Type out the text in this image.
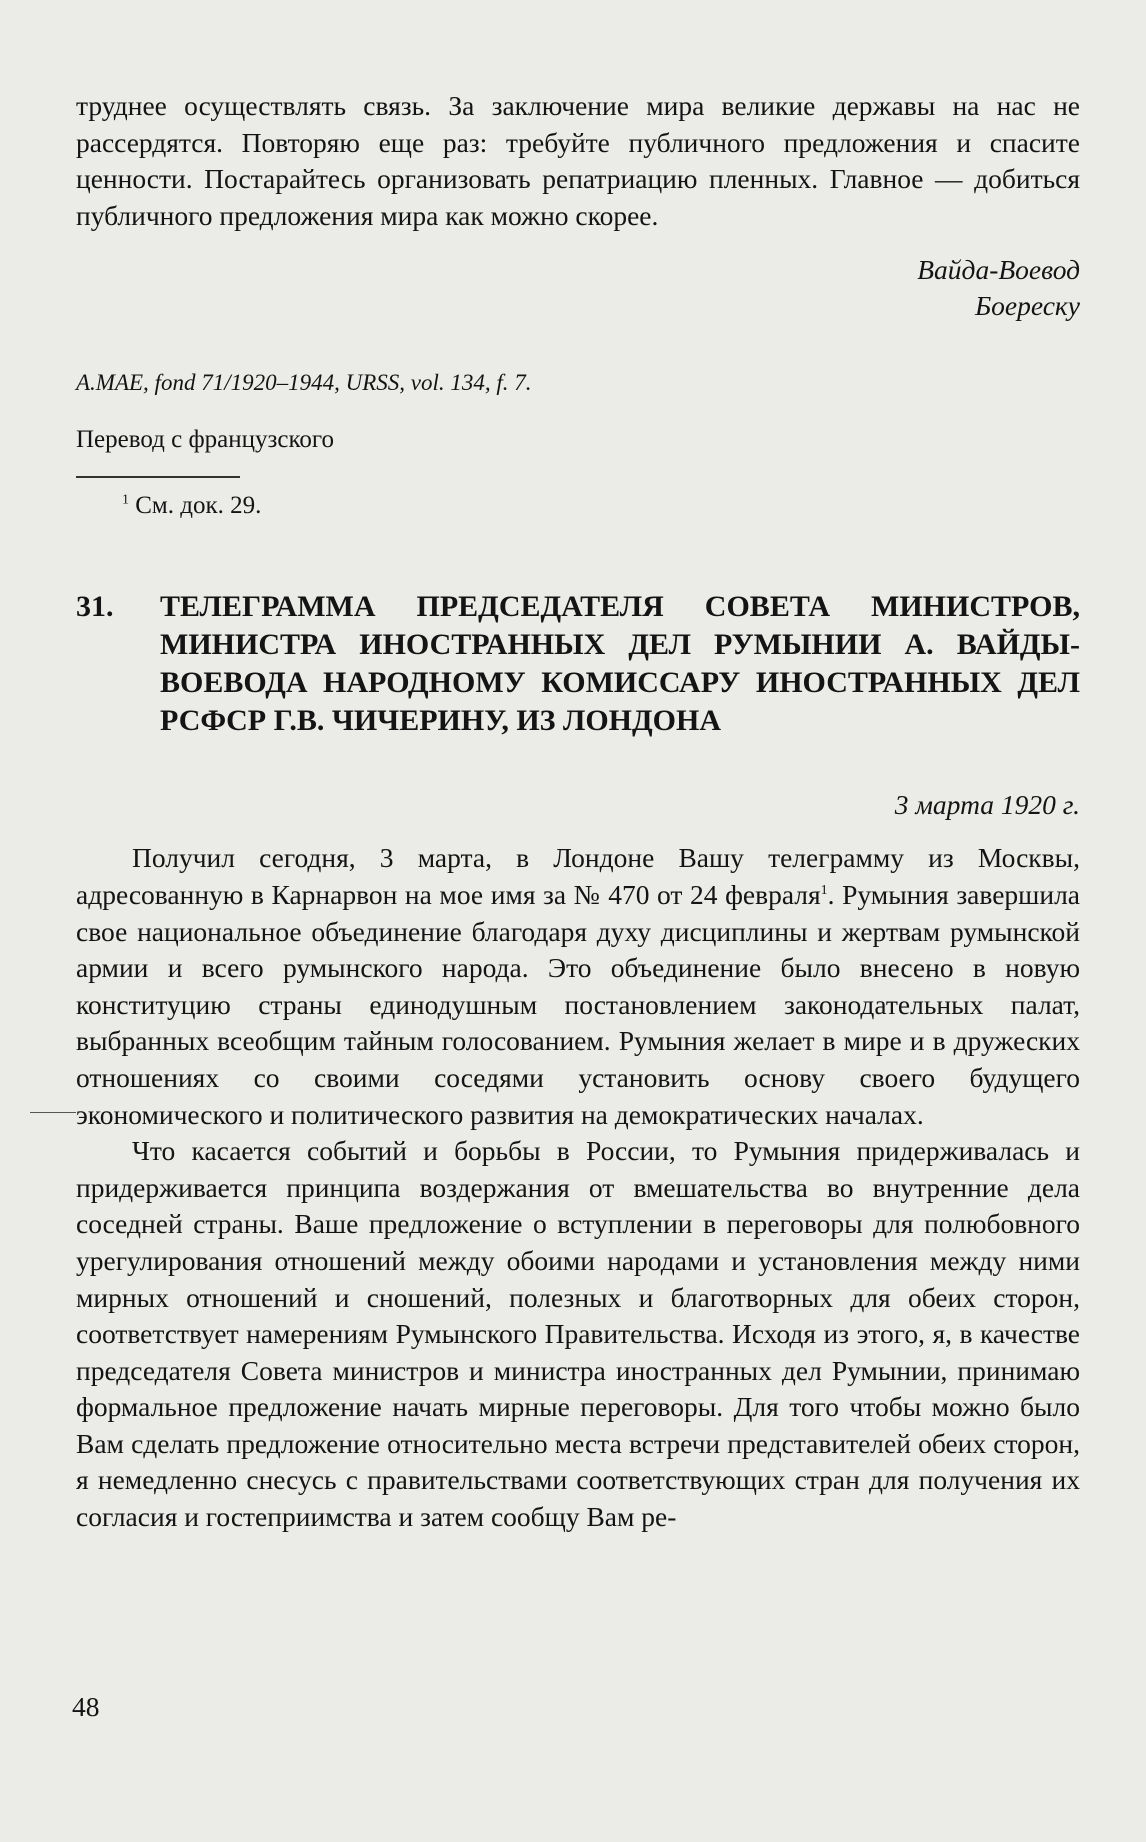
труднее осуществлять связь. За заключение мира великие державы на нас не рассердятся. Повторяю еще раз: требуйте публичного предложения и спасите ценности. Постарайтесь организовать репатриацию пленных. Главное — добиться публичного предложения мира как можно скорее.

Вайда-Воевод
Боереску

A.MAE, fond 71/1920–1944, URSS, vol. 134, f. 7.

Перевод с французского

$^1$ См. док. 29.

31.	ТЕЛЕГРАММА ПРЕДСЕДАТЕЛЯ СОВЕТА МИНИСТРОВ, МИНИСТРА ИНОСТРАННЫХ ДЕЛ РУМЫНИИ А. ВАЙДЫ-ВОЕВОДА НАРОДНОМУ КОМИССАРУ ИНОСТРАННЫХ ДЕЛ РСФСР Г.В. ЧИЧЕРИНУ, ИЗ ЛОНДОНА

3 марта 1920 г.

Получил сегодня, 3 марта, в Лондоне Вашу телеграмму из Москвы, адресованную в Карнарвон на мое имя за № 470 от 24 февраля$^1$. Румыния завершила свое национальное объединение благодаря духу дисциплины и жертвам румынской армии и всего румынского народа. Это объединение было внесено в новую конституцию страны единодушным постановлением законодательных палат, выбранных всеобщим тайным голосованием. Румыния желает в мире и в дружеских отношениях со своими соседями установить основу своего будущего экономического и политического развития на демократических началах.

Что касается событий и борьбы в России, то Румыния придерживалась и придерживается принципа воздержания от вмешательства во внутренние дела соседней страны. Ваше предложение о вступлении в переговоры для полюбовного урегулирования отношений между обоими народами и установления между ними мирных отношений и сношений, полезных и благотворных для обеих сторон, соответствует намерениям Румынского Правительства. Исходя из этого, я, в качестве председателя Совета министров и министра иностранных дел Румынии, принимаю формальное предложение начать мирные переговоры. Для того чтобы можно было Вам сделать предложение относительно места встречи представителей обеих сторон, я немедленно снесусь с правительствами соответствующих стран для получения их согласия и гостеприимства и затем сообщу Вам ре-

48
